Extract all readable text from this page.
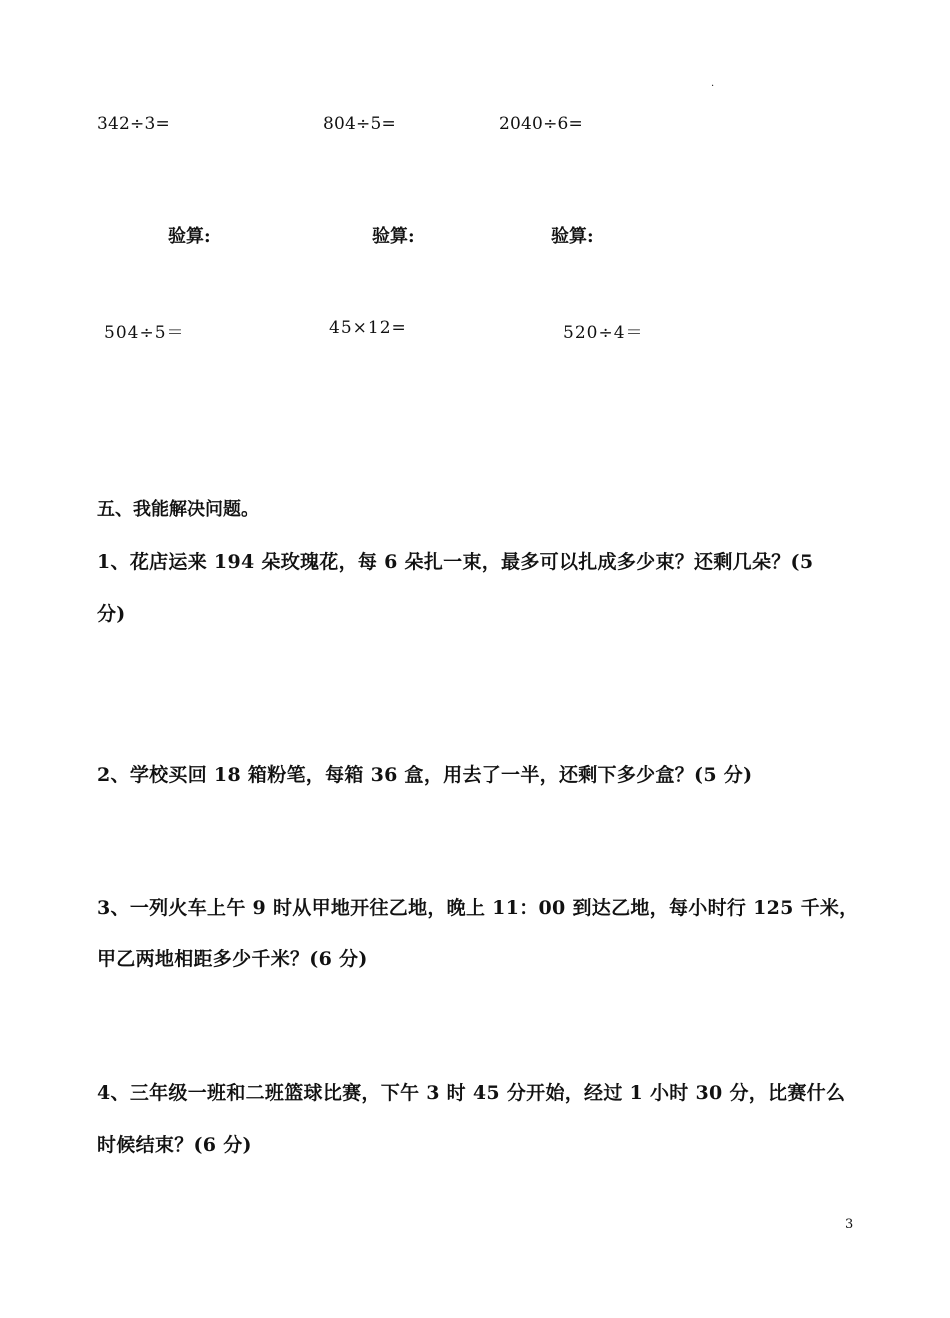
.
342÷3=	804÷5=	2040÷6=
验算:	验算:	验算:
504÷5＝	45×12=	520÷4＝
五、我能解决问题。
1、花店运来 194 朵玫瑰花，每 6 朵扎一束，最多可以扎成多少束？还剩几朵？(5
分)
2、学校买回 18 箱粉笔，每箱 36 盒，用去了一半，还剩下多少盒？(5 分)
3、一列火车上午 9 时从甲地开往乙地，晚上 11：00 到达乙地，每小时行 125 千米，
甲乙两地相距多少千米？(6 分)
4、三年级一班和二班篮球比赛，下午 3 时 45 分开始，经过 1 小时 30 分，比赛什么
时候结束？(6 分)
3
